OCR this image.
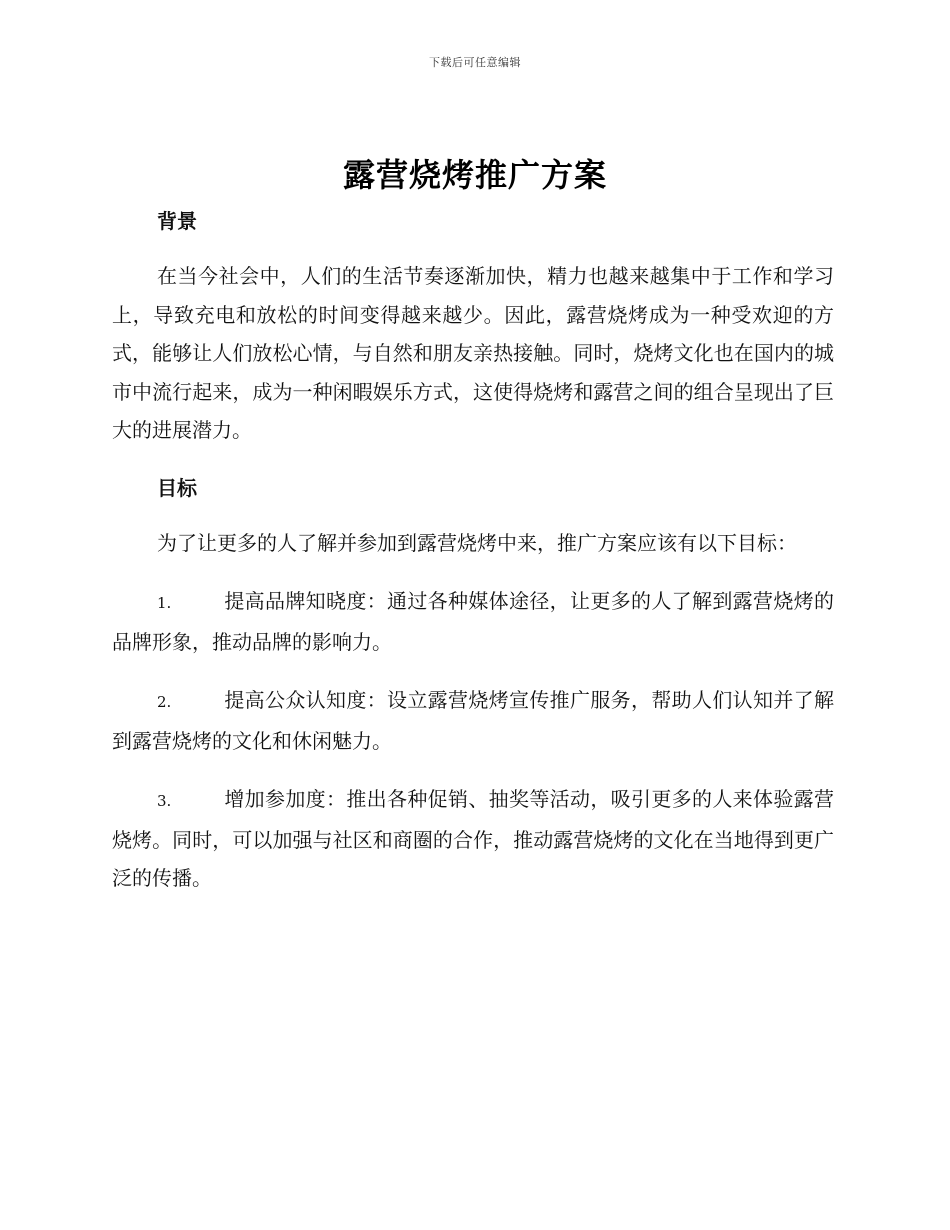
下载后可任意编辑
露营烧烤推广方案
背景

在当今社会中，人们的生活节奏逐渐加快，精力也越来越集中于工作和学习上，导致充电和放松的时间变得越来越少。因此，露营烧烤成为一种受欢迎的方式，能够让人们放松心情，与自然和朋友亲热接触。同时，烧烤文化也在国内的城市中流行起来，成为一种闲暇娱乐方式，这使得烧烤和露营之间的组合呈现出了巨大的进展潜力。

目标

为了让更多的人了解并参加到露营烧烤中来，推广方案应该有以下目标：

1.	提高品牌知晓度：通过各种媒体途径，让更多的人了解到露营烧烤的品牌形象，推动品牌的影响力。

2.	提高公众认知度：设立露营烧烤宣传推广服务，帮助人们认知并了解到露营烧烤的文化和休闲魅力。

3.	增加参加度：推出各种促销、抽奖等活动，吸引更多的人来体验露营烧烤。同时，可以加强与社区和商圈的合作，推动露营烧烤的文化在当地得到更广泛的传播。
